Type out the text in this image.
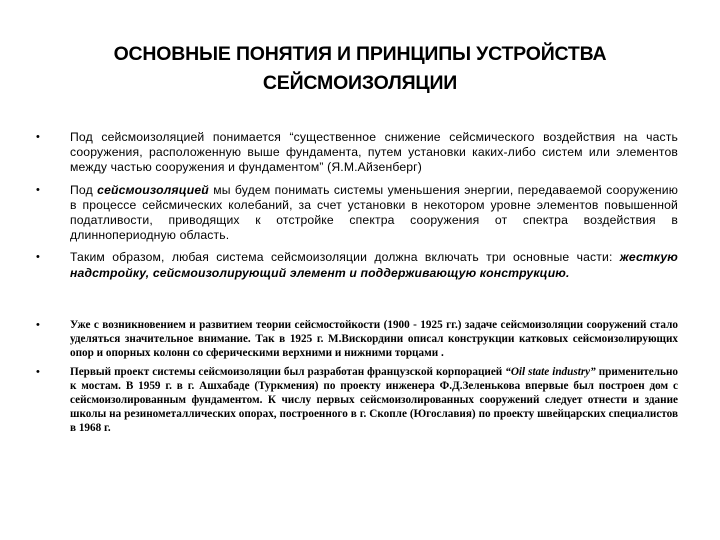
ОСНОВНЫЕ ПОНЯТИЯ И ПРИНЦИПЫ УСТРОЙСТВА
СЕЙСМОИЗОЛЯЦИИ
• Под сейсмоизоляцией понимается “существенное снижение сейсмического воздействия на часть сооружения, расположенную выше фундамента, путем установки каких-либо систем или элементов между частью сооружения и фундаментом” (Я.М.Айзенберг)
• Под сейсмоизоляцией мы будем понимать системы уменьшения энергии, передаваемой сооружению в процессе сейсмических колебаний, за счет установки в некотором уровне элементов повышенной податливости, приводящих к отстройке спектра сооружения от спектра воздействия в длиннопериодную область.
• Таким образом, любая система сейсмоизоляции должна включать три основные части: жесткую надстройку, сейсмоизолирующий элемент и поддерживающую конструкцию.
•	Уже с возникновением и развитием теории сейсмостойкости (1900 - 1925 гг.) задаче сейсмоизоляции сооружений стало уделяться значительное внимание. Так в 1925 г. М.Вискордини описал конструкции катковых сейсмоизолирующих опор и опорных колонн со сферическими верхними и нижними торцами .
•	Первый проект системы сейсмоизоляции был разработан французской корпорацией “Oil state industry” применительно к мостам. В 1959 г. в г. Ашхабаде (Туркмения) по проекту инженера Ф.Д.Зеленькова впервые был построен дом с сейсмоизолированным фундаментом. К числу первых сейсмоизолированных сооружений следует отнести и здание школы на резинометаллических опорах, построенного в г. Скопле (Югославия) по проекту швейцарских специалистов в 1968 г.
